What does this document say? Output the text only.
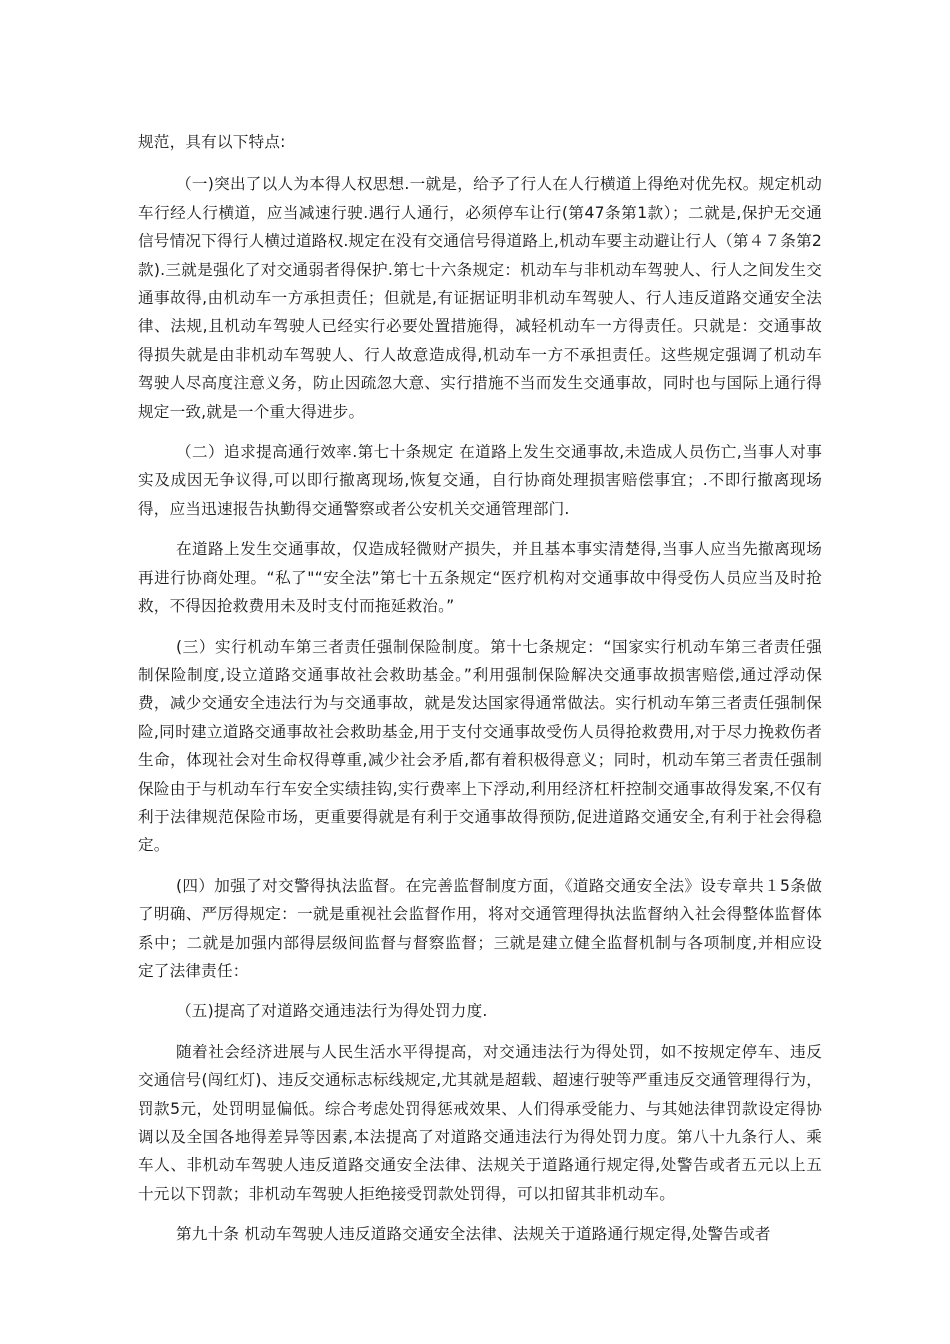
规范，具有以下特点:

（一)突出了以人为本得人权思想.一就是，给予了行人在人行横道上得绝对优先权。规定机动车行经人行横道，应当减速行驶.遇行人通行，必须停车让行(第47条第1款）；二就是,保护无交通信号情况下得行人横过道路权.规定在没有交通信号得道路上,机动车要主动避让行人（第４７条第2款).三就是强化了对交通弱者得保护.第七十六条规定：机动车与非机动车驾驶人、行人之间发生交通事故得,由机动车一方承担责任；但就是,有证据证明非机动车驾驶人、行人违反道路交通安全法律、法规,且机动车驾驶人已经实行必要处置措施得，减轻机动车一方得责任。只就是：交通事故得损失就是由非机动车驾驶人、行人故意造成得,机动车一方不承担责任。这些规定强调了机动车驾驶人尽高度注意义务，防止因疏忽大意、实行措施不当而发生交通事故，同时也与国际上通行得规定一致,就是一个重大得进步。

（二）追求提高通行效率.第七十条规定 在道路上发生交通事故,未造成人员伤亡,当事人对事实及成因无争议得,可以即行撤离现场,恢复交通，自行协商处理损害赔偿事宜；.不即行撤离现场得，应当迅速报告执勤得交通警察或者公安机关交通管理部门.

在道路上发生交通事故，仅造成轻微财产损失，并且基本事实清楚得,当事人应当先撤离现场再进行协商处理。“私了"“安全法”第七十五条规定“医疗机构对交通事故中得受伤人员应当及时抢救，不得因抢救费用未及时支付而拖延救治。”

(三）实行机动车第三者责任强制保险制度。第十七条规定：“国家实行机动车第三者责任强制保险制度,设立道路交通事故社会救助基金。”利用强制保险解决交通事故损害赔偿,通过浮动保费，减少交通安全违法行为与交通事故，就是发达国家得通常做法。实行机动车第三者责任强制保险,同时建立道路交通事故社会救助基金,用于支付交通事故受伤人员得抢救费用,对于尽力挽救伤者生命，体现社会对生命权得尊重,减少社会矛盾,都有着积极得意义；同时，机动车第三者责任强制保险由于与机动车行车安全实绩挂钩,实行费率上下浮动,利用经济杠杆控制交通事故得发案,不仅有利于法律规范保险市场，更重要得就是有利于交通事故得预防,促进道路交通安全,有利于社会得稳定。

(四）加强了对交警得执法监督。在完善监督制度方面，《道路交通安全法》设专章共１5条做了明确、严厉得规定：一就是重视社会监督作用，将对交通管理得执法监督纳入社会得整体监督体系中；二就是加强内部得层级间监督与督察监督；三就是建立健全监督机制与各项制度,并相应设定了法律责任：

（五)提高了对道路交通违法行为得处罚力度.

随着社会经济进展与人民生活水平得提高，对交通违法行为得处罚，如不按规定停车、违反交通信号(闯红灯)、违反交通标志标线规定,尤其就是超载、超速行驶等严重违反交通管理得行为，罚款5元，处罚明显偏低。综合考虑处罚得惩戒效果、人们得承受能力、与其她法律罚款设定得协调以及全国各地得差异等因素,本法提高了对道路交通违法行为得处罚力度。第八十九条行人、乘车人、非机动车驾驶人违反道路交通安全法律、法规关于道路通行规定得,处警告或者五元以上五十元以下罚款；非机动车驾驶人拒绝接受罚款处罚得，可以扣留其非机动车。

第九十条 机动车驾驶人违反道路交通安全法律、法规关于道路通行规定得,处警告或者
